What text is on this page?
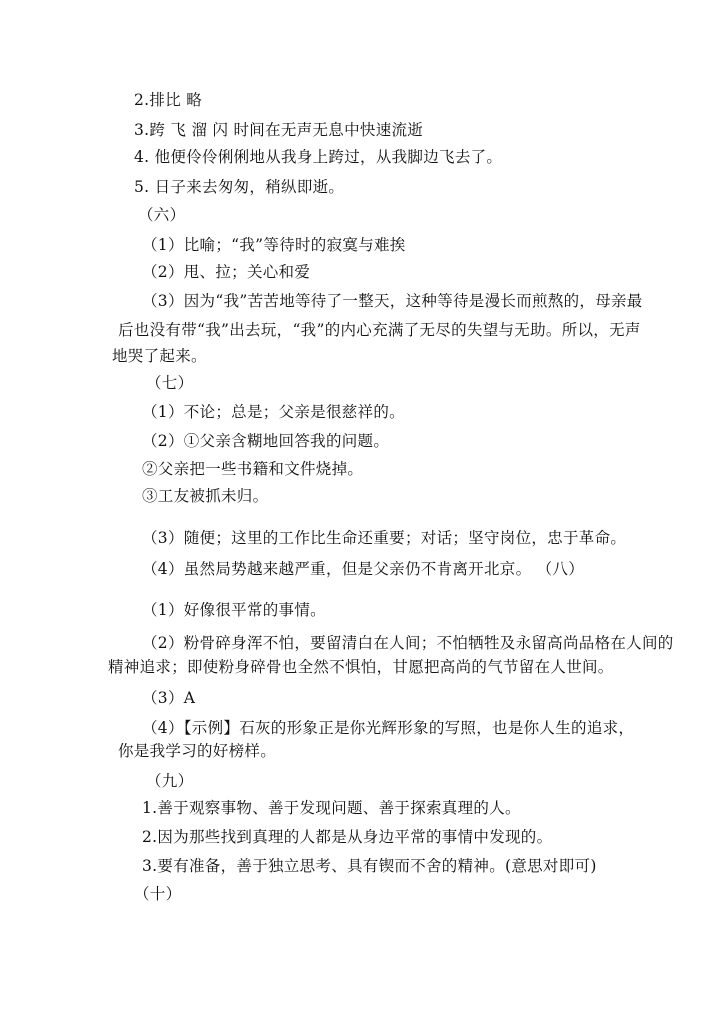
2.排比 略
3.跨 飞 溜 闪 时间在无声无息中快速流逝
4. 他便伶伶俐俐地从我身上跨过，从我脚边飞去了。
5. 日子来去匆匆，稍纵即逝。
（六）
（1）比喻；“我”等待时的寂寞与难挨
（2）甩、拉；关心和爱
（3）因为“我”苦苦地等待了一整天，这种等待是漫长而煎熬的，母亲最
后也没有带“我”出去玩，“我”的内心充满了无尽的失望与无助。所以，无声
地哭了起来。
（七）
（1）不论；总是；父亲是很慈祥的。
（2）①父亲含糊地回答我的问题。
②父亲把一些书籍和文件烧掉。
③工友被抓未归。
（3）随便；这里的工作比生命还重要；对话；坚守岗位，忠于革命。
（4）虽然局势越来越严重，但是父亲仍不肯离开北京。 （八）
（1）好像很平常的事情。
（2）粉骨碎身浑不怕，要留清白在人间；不怕牺牲及永留高尚品格在人间的
精神追求；即使粉身碎骨也全然不惧怕，甘愿把高尚的气节留在人世间。
（3）A
（4）【示例】石灰的形象正是你光辉形象的写照，也是你人生的追求，
你是我学习的好榜样。
（九）
1.善于观察事物、善于发现问题、善于探索真理的人。
2.因为那些找到真理的人都是从身边平常的事情中发现的。
3.要有准备，善于独立思考、具有锲而不舍的精神。(意思对即可)
（十）
